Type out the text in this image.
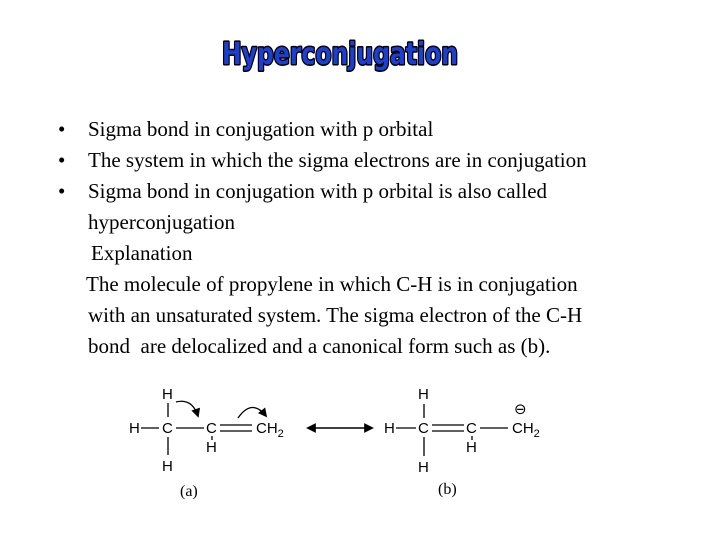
Hyperconjugation
•	Sigma bond in conjugation with p orbital
•	The system in which the sigma electrons are in conjugation
•	Sigma bond in conjugation with p orbital is also called
hyperconjugation
Explanation
The molecule of propylene in which C-H is in conjugation
with an unsaturated system. The sigma electron of the C-H
bond  are delocalized and a canonical form such as (b).
H
H C C	$CH_2$
H
H
(a)
H
H C C $CH_2$
⊖
H
H
(b)
